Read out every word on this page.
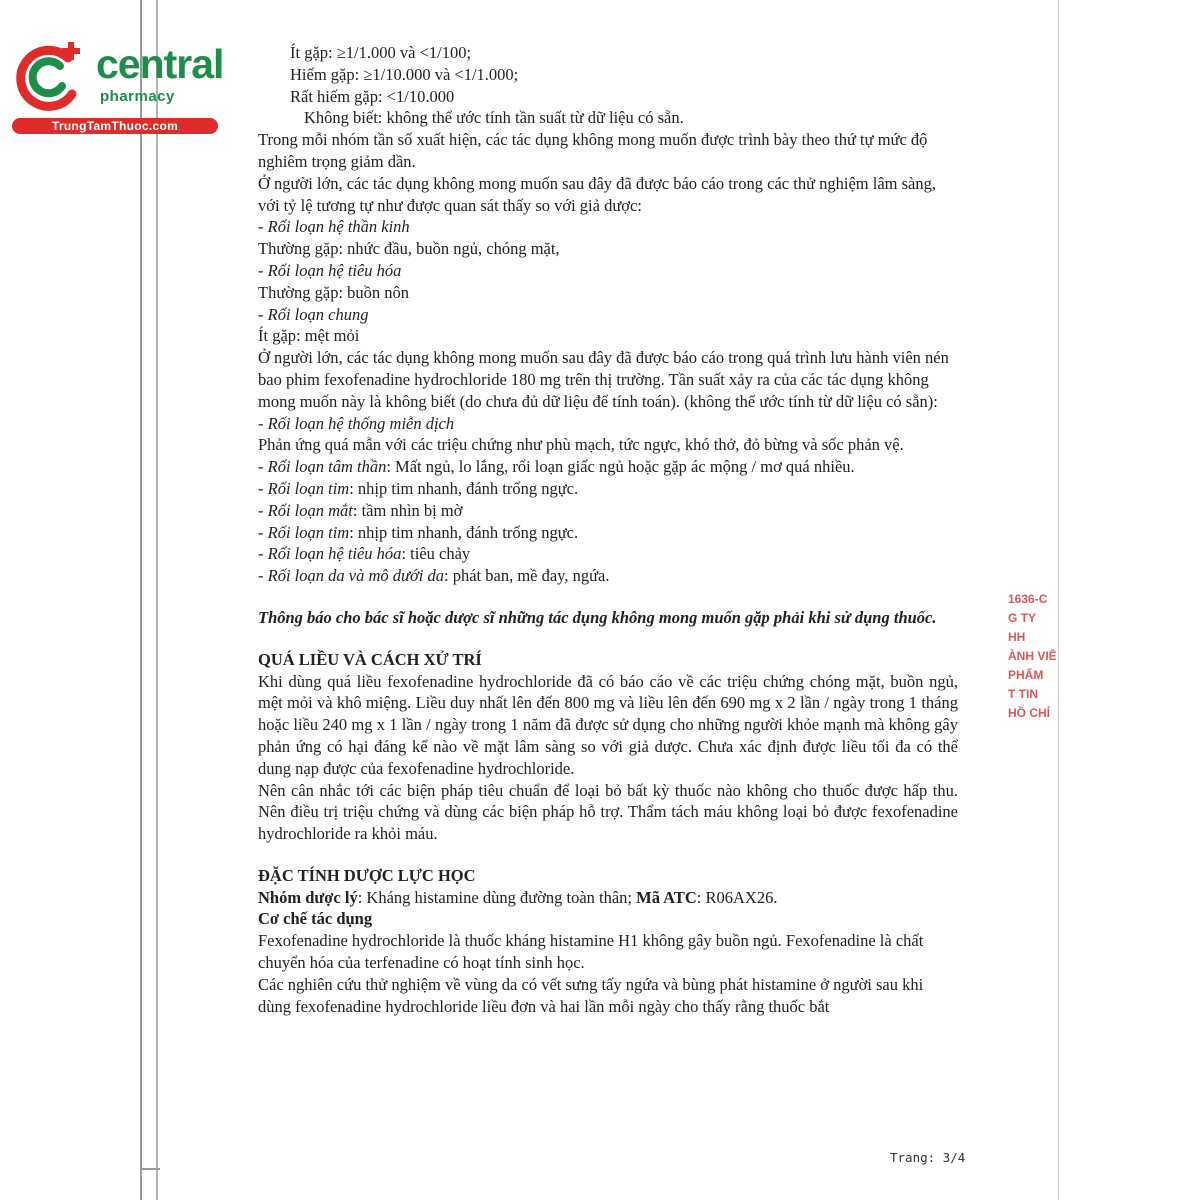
central
pharmacy
TrungTamThuoc.com

Ít gặp: ≥1/1.000 và <1/100;

Hiếm gặp: ≥1/10.000 và <1/1.000;

Rất hiếm gặp: <1/10.000

Không biết: không thể ước tính tần suất từ dữ liệu có sẵn.

Trong mỗi nhóm tần số xuất hiện, các tác dụng không mong muốn được trình bày theo thứ tự mức độ nghiêm trọng giảm dần.

Ở người lớn, các tác dụng không mong muốn sau đây đã được báo cáo trong các thử nghiệm lâm sàng, với tỷ lệ tương tự như được quan sát thấy so với giả dược:

- Rối loạn hệ thần kinh

Thường gặp: nhức đầu, buồn ngủ, chóng mặt,

- Rối loạn hệ tiêu hóa

Thường gặp: buồn nôn

- Rối loạn chung

Ít gặp: mệt mỏi

Ở người lớn, các tác dụng không mong muốn sau đây đã được báo cáo trong quá trình lưu hành viên nén bao phim fexofenadine hydrochloride 180 mg trên thị trường. Tần suất xảy ra của các tác dụng không mong muốn này là không biết (do chưa đủ dữ liệu để tính toán). (không thể ước tính từ dữ liệu có sẵn):

- Rối loạn hệ thống miễn dịch

Phản ứng quá mẫn với các triệu chứng như phù mạch, tức ngực, khó thở, đỏ bừng và sốc phản vệ.

- Rối loạn tâm thần: Mất ngủ, lo lắng, rối loạn giấc ngủ hoặc gặp ác mộng / mơ quá nhiều.

- Rối loạn tim: nhịp tim nhanh, đánh trống ngực.

- Rối loạn mắt: tầm nhìn bị mờ

- Rối loạn tim: nhịp tim nhanh, đánh trống ngực.

- Rối loạn hệ tiêu hóa: tiêu chảy

- Rối loạn da và mô dưới da: phát ban, mề đay, ngứa.

Thông báo cho bác sĩ hoặc dược sĩ những tác dụng không mong muốn gặp phải khi sử dụng thuốc.

QUÁ LIỀU VÀ CÁCH XỬ TRÍ

Khi dùng quá liều fexofenadine hydrochloride đã có báo cáo về các triệu chứng chóng mặt, buồn ngủ, mệt mỏi và khô miệng. Liều duy nhất lên đến 800 mg và liều lên đến 690 mg x 2 lần / ngày trong 1 tháng hoặc liều 240 mg x 1 lần / ngày trong 1 năm đã được sử dụng cho những người khỏe mạnh mà không gây phản ứng có hại đáng kể nào về mặt lâm sàng so với giả dược. Chưa xác định được liều tối đa có thể dung nạp được của fexofenadine hydrochloride.

Nên cân nhắc tới các biện pháp tiêu chuẩn để loại bỏ bất kỳ thuốc nào không cho thuốc được hấp thu. Nên điều trị triệu chứng và dùng các biện pháp hỗ trợ. Thẩm tách máu không loại bỏ được fexofenadine hydrochloride ra khỏi máu.

ĐẶC TÍNH DƯỢC LỰC HỌC

Nhóm dược lý: Kháng histamine dùng đường toàn thân; Mã ATC: R06AX26.

Cơ chế tác dụng

Fexofenadine hydrochloride là thuốc kháng histamine H1 không gây buồn ngủ. Fexofenadine là chất chuyển hóa của terfenadine có hoạt tính sinh học.

Các nghiên cứu thử nghiệm về vùng da có vết sưng tấy ngứa và bùng phát histamine ở người sau khi dùng fexofenadine hydrochloride liều đơn và hai lần mỗi ngày cho thấy rằng thuốc bắt

1636-C
G TY
HH
ÀNH VIÊ
PHẨM
T TIN
HỒ CHÍ
Trang: 3/4
